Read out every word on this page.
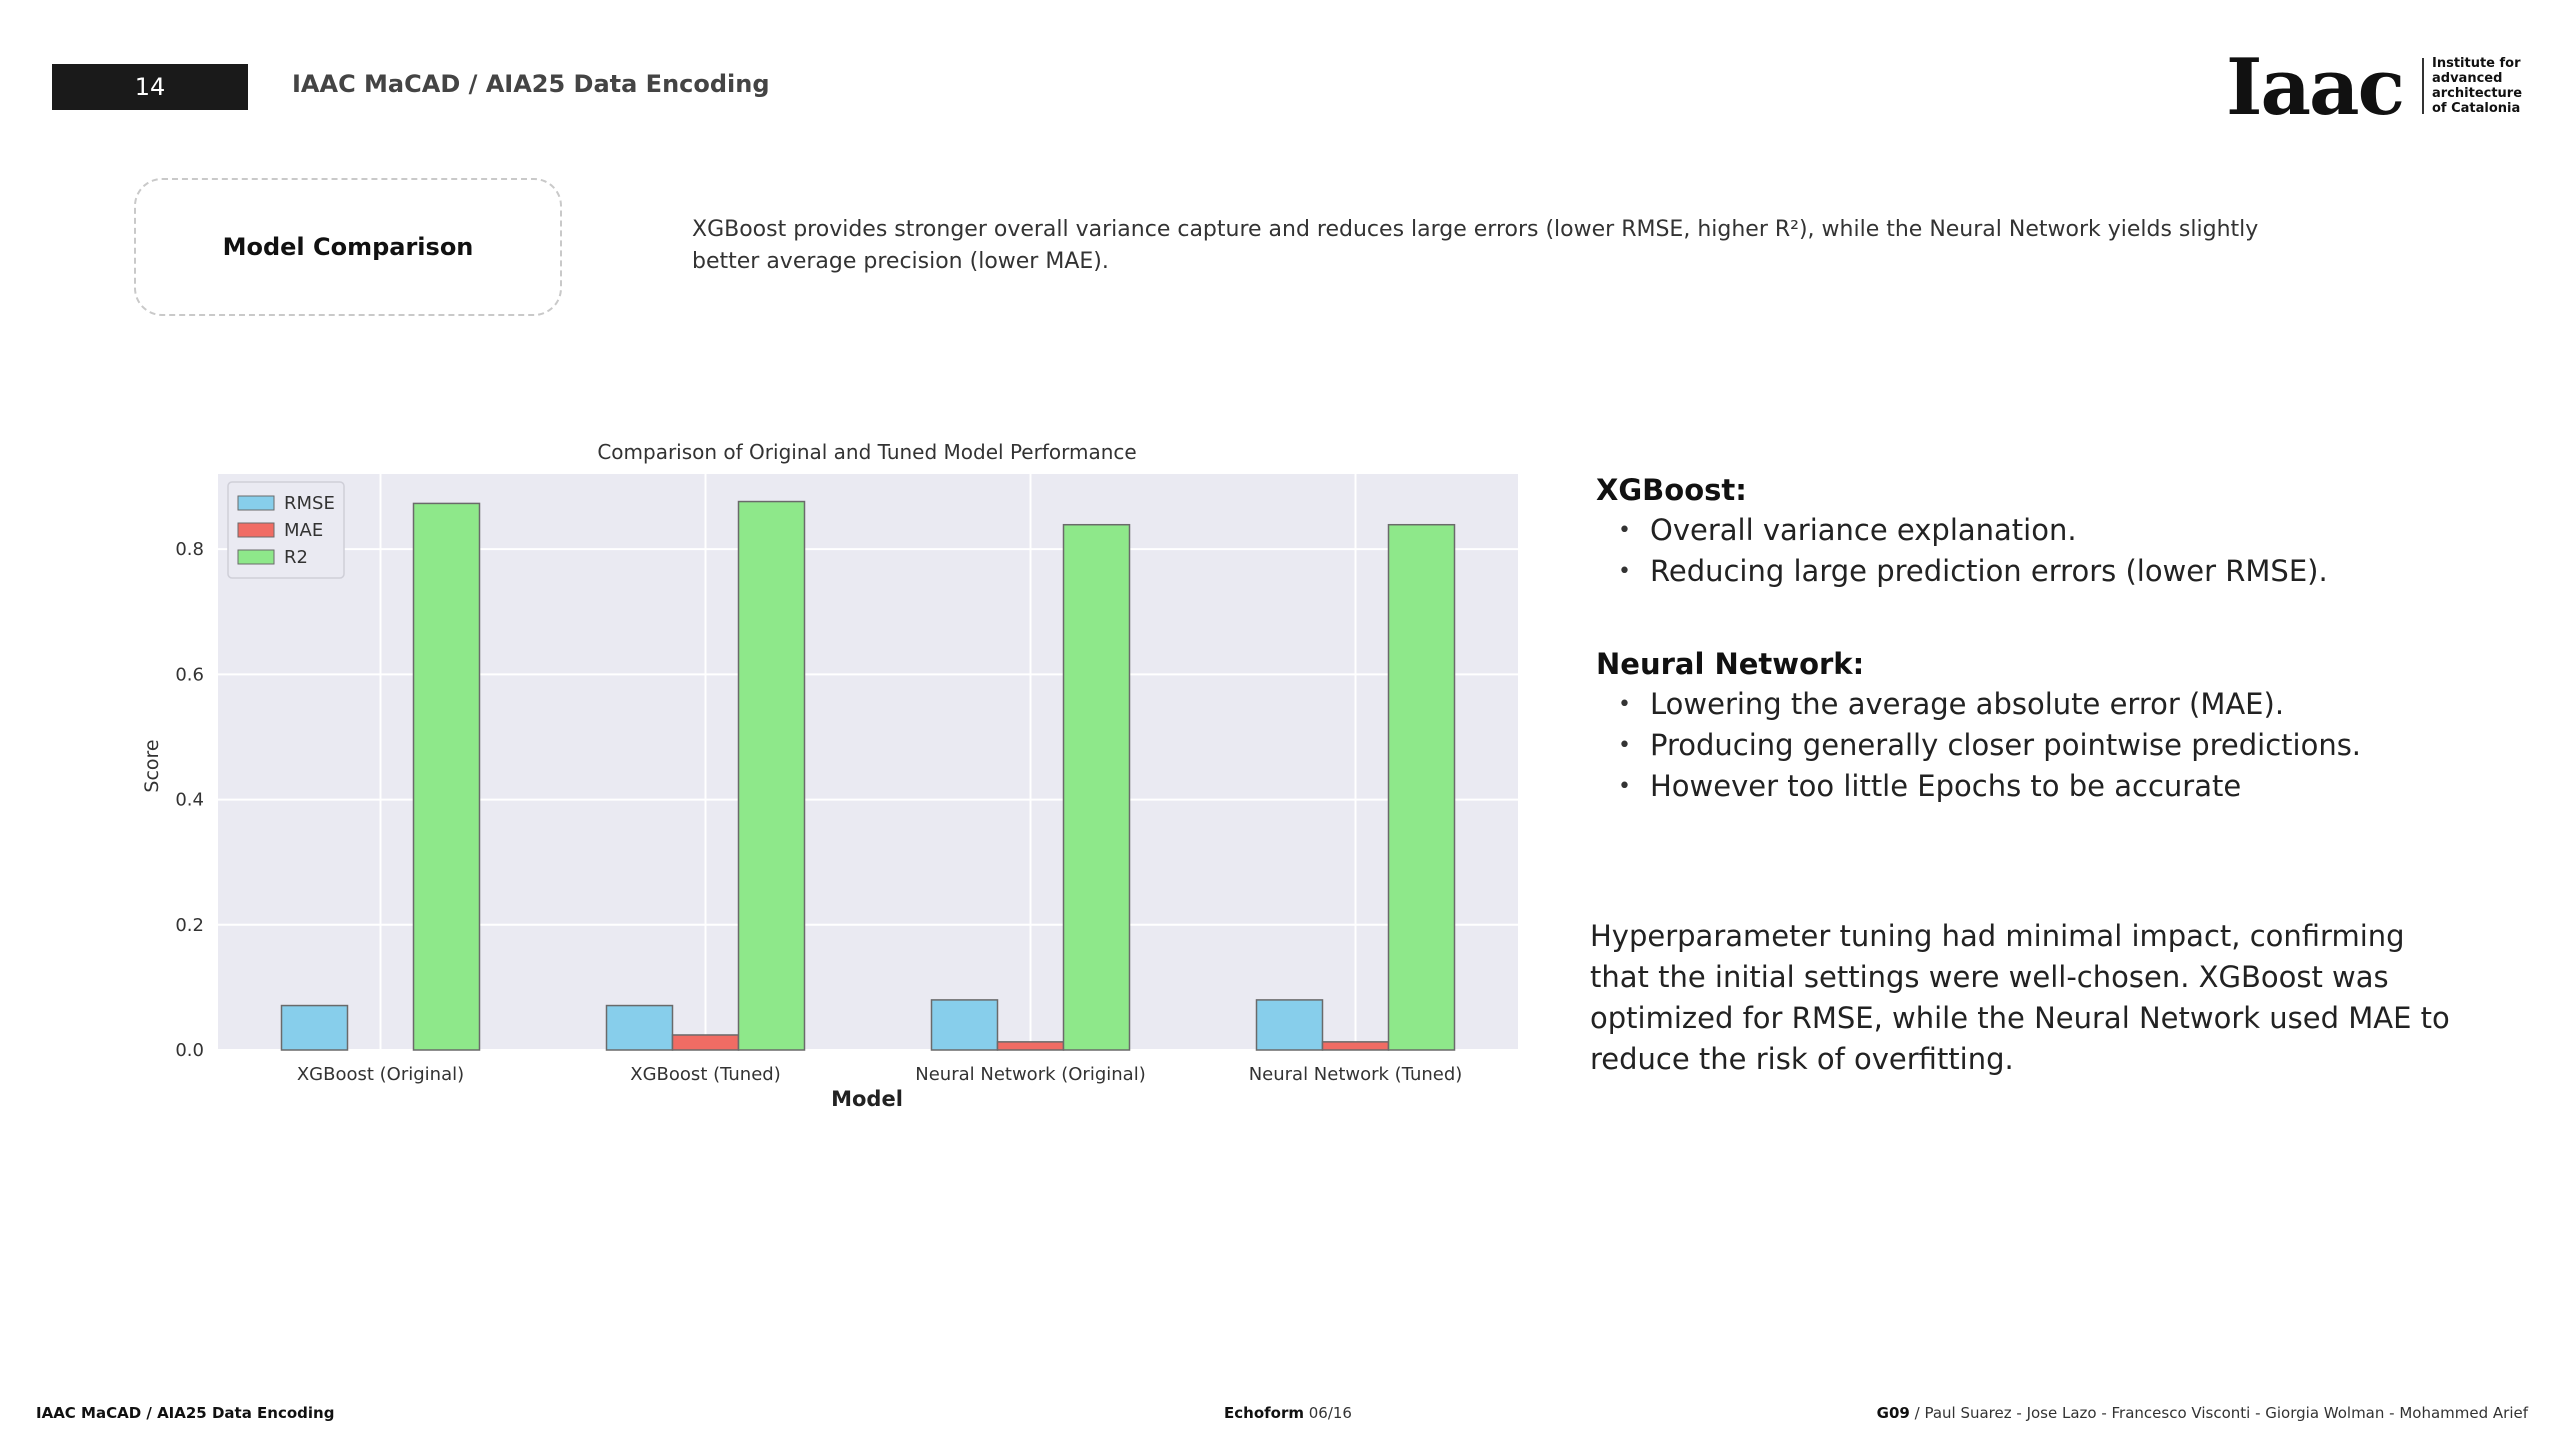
14	IAAC MaCAD / AIA25 Data Encoding	Iaac Institute for
advanced
architecture
of Catalonia
Model Comparison
XGBoost provides stronger overall variance capture and reduces large errors (lower RMSE, higher R²), while the Neural Network yields slightly better average precision (lower MAE).
Comparison of Original and Tuned Model Performance
Score
Model
0.0
0.2
0.4
0.6
0.8
XGBoost (Original)	XGBoost (Tuned)	Neural Network (Original)	Neural Network (Tuned)
RMSE
MAE
R2
XGBoost:
• Overall variance explanation.
• Reducing large prediction errors (lower RMSE).
Neural Network:
• Lowering the average absolute error (MAE).
• Producing generally closer pointwise predictions.
• However too little Epochs to be accurate
Hyperparameter tuning had minimal impact, confirming that the initial settings were well-chosen. XGBoost was optimized for RMSE, while the Neural Network used MAE to reduce the risk of overfitting.
IAAC MaCAD / AIA25 Data Encoding	Echoform 06/16	G09 / Paul Suarez - Jose Lazo - Francesco Visconti - Giorgia Wolman - Mohammed Arief
